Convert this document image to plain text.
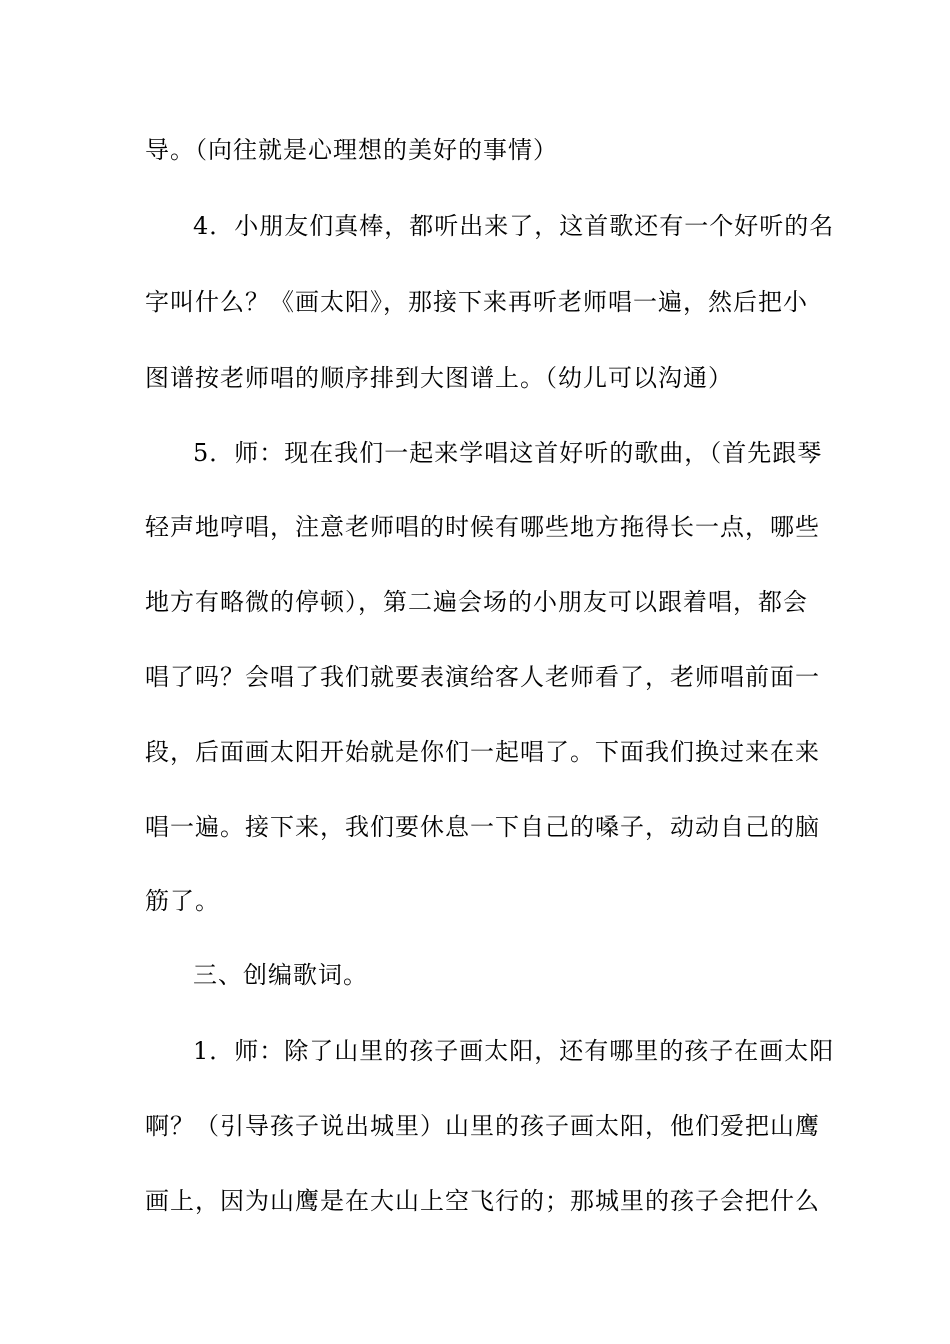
导。（向往就是心理想的美好的事情）
4．小朋友们真棒，都听出来了，这首歌还有一个好听的名
字叫什么？《画太阳》，那接下来再听老师唱一遍，然后把小
图谱按老师唱的顺序排到大图谱上。（幼儿可以沟通）
5．师：现在我们一起来学唱这首好听的歌曲，（首先跟琴
轻声地哼唱，注意老师唱的时候有哪些地方拖得长一点，哪些
地方有略微的停顿），第二遍会场的小朋友可以跟着唱，都会
唱了吗？会唱了我们就要表演给客人老师看了，老师唱前面一
段，后面画太阳开始就是你们一起唱了。下面我们换过来在来
唱一遍。接下来，我们要休息一下自己的嗓子，动动自己的脑
筋了。
三、创编歌词。
1．师：除了山里的孩子画太阳，还有哪里的孩子在画太阳
啊？（引导孩子说出城里）山里的孩子画太阳，他们爱把山鹰
画上，因为山鹰是在大山上空飞行的；那城里的孩子会把什么
